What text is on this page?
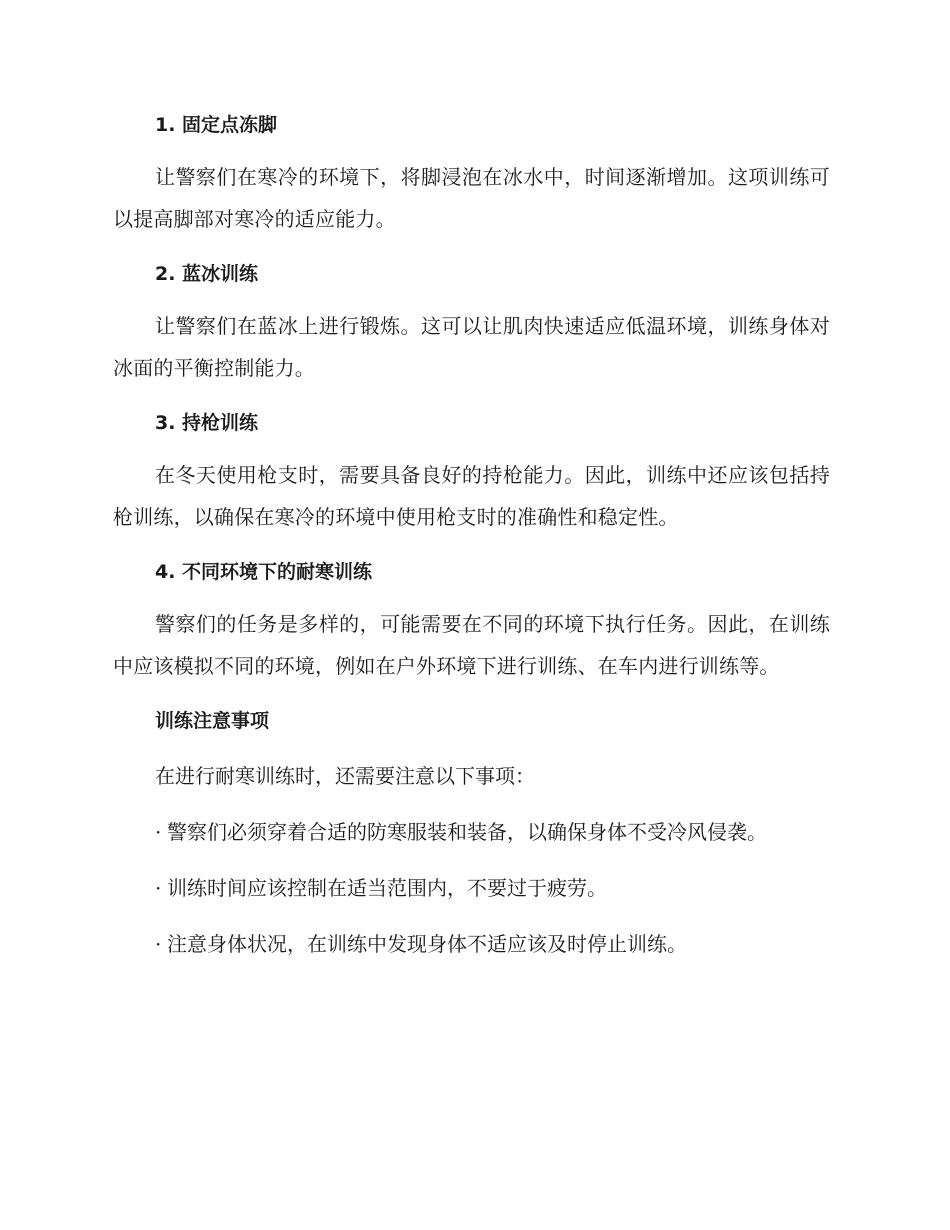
1. 固定点冻脚

让警察们在寒冷的环境下，将脚浸泡在冰水中，时间逐渐增加。这项训练可以提高脚部对寒冷的适应能力。

2. 蓝冰训练

让警察们在蓝冰上进行锻炼。这可以让肌肉快速适应低温环境，训练身体对冰面的平衡控制能力。

3. 持枪训练

在冬天使用枪支时，需要具备良好的持枪能力。因此，训练中还应该包括持枪训练，以确保在寒冷的环境中使用枪支时的准确性和稳定性。

4. 不同环境下的耐寒训练

警察们的任务是多样的，可能需要在不同的环境下执行任务。因此，在训练中应该模拟不同的环境，例如在户外环境下进行训练、在车内进行训练等。

训练注意事项

在进行耐寒训练时，还需要注意以下事项：

· 警察们必须穿着合适的防寒服装和装备，以确保身体不受冷风侵袭。

· 训练时间应该控制在适当范围内，不要过于疲劳。

· 注意身体状况，在训练中发现身体不适应该及时停止训练。
